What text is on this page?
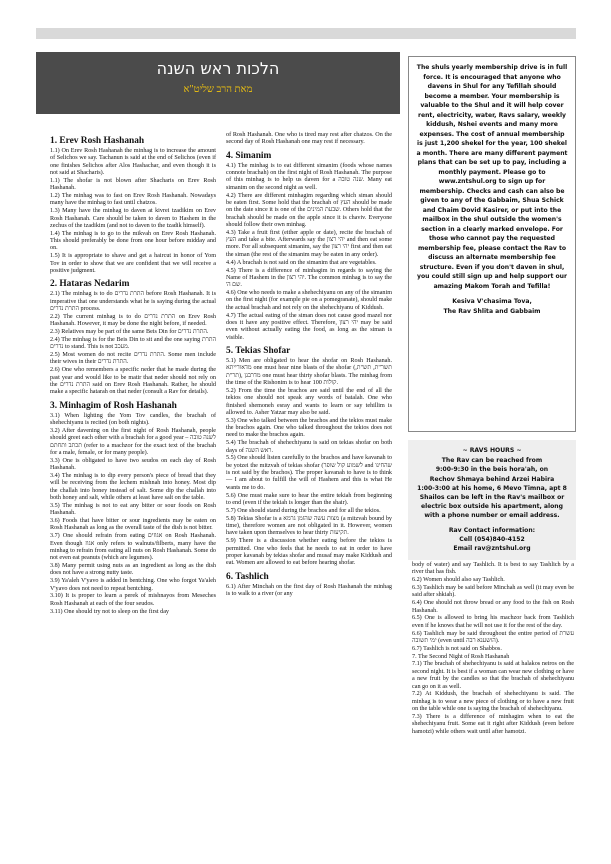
הלכות ראש השנה
מאת הרב שליט"א
1. Erev Rosh Hashanah

1.1) On Erev Rosh Hashanah the minhag is to increase the amount of Selichos we say. Tachanun is said at the end of Selichos (even if one finishes Selichos after Alos Hashachar, and even though it is not said at Shacharis).

1.1) The shofar is not blown after Shacharis on Erev Rosh Hashanah.

1.2) The minhag was to fast on Erev Rosh Hashanah. Nowadays many have the minhag to fast until chatzos.

1.3) Many have the minhag to daven at kivrei tzadikim on Erev Rosh Hashanah. Care should be taken to daven to Hashem in the zechus of the tzadikim (and not to daven to the tzadik himself).

1.4) The minhag is to go to the mikvah on Erev Rosh Hashanah. This should preferably be done from one hour before midday and on.

1.5) It is appropriate to shave and get a haircut in honor of Yom Tov in order to show that we are confident that we will receive a positive judgment.

2. Hataras Nedarim

2.1) The minhag is to do התרת נדרים before Rosh Hashanah. It is imperative that one understands what he is saying during the actual התרת נדרים process.

2.2) The current minhag is to do התרת נדרים on Erev Rosh Hashanah. However, it may be done the night before, if needed.

2.3) Relatives may be part of the same Beis Din for התרת נדרים.

2.4) The minhag is for the Beis Din to sit and the one saying התרת נדרים to stand. This is not מעכב.

2.5) Most women do not recite התרת נדרים. Some men include their wives in their התרת נדרים.

2.6) One who remembers a specific neder that he made during the past year and would like to be matir that neder should not rely on the התרת נדרים said on Erev Rosh Hashanah. Rather, he should make a specific hatarah on that neder (consult a Rav for details).

3. Minhagim of Rosh Hashanah

3.1) When lighting the Yom Tov candles, the brachah of shehechiyanu is recited (on both nights).

3.2) After davening on the first night of Rosh Hashanah, people should greet each other with a brachah for a good year – לשנה טובה תכתב ותחתם (refer to a machzor for the exact text of the brachah for a male, female, or for many people).

3.3) One is obligated to have two seudos on each day of Rosh Hashanah.

3.4) The minhag is to dip every person's piece of bread that they will be receiving from the lechem mishnah into honey. Most dip the challah into honey instead of salt. Some dip the challah into both honey and salt, while others at least have salt on the table.

3.5) The minhag is not to eat any bitter or sour foods on Rosh Hashanah.

3.6) Foods that have bitter or sour ingredients may be eaten on Rosh Hashanah as long as the overall taste of the dish is not bitter.

3.7) One should refrain from eating אגוזים on Rosh Hashanah. Even though אגוז only refers to walnuts/filberts, many have the minhag to refrain from eating all nuts on Rosh Hashanah. Some do not even eat peanuts (which are legumes).

3.8) Many permit using nuts as an ingredient as long as the dish does not have a strong nutty taste.

3.9) Ya'aleh V'yavo is added in bentching. One who forgot Ya'aleh V'yavo does not need to repeat bentching.

3.10) It is proper to learn a perek of mishnayos from Meseches Rosh Hashanah at each of the four seudos.

3.11) One should try not to sleep on the first day

of Rosh Hashanah. One who is tired may rest after chatzos. On the second day of Rosh Hashanah one may rest if necessary.

4. Simanim

4.1) The minhag is to eat different simanim (foods whose names connote brachah) on the first night of Rosh Hashanah. The purpose of this minhag is to help us daven for a שנה טובה. Many eat simanim on the second night as well.

4.2) There are different minhagim regarding which siman should be eaten first. Some hold that the brachah of העץ should be made on the date since it is one of the שבעת המינים. Others hold that the brachah should be made on the apple since it is chaviv. Everyone should follow their own minhag.

4.3) Take a fruit first (either apple or date), recite the brachah of העץ and take a bite. Afterwards say the יהי רצון and then eat some more. For all subsequent simanim, say the יהי רצון first and then eat the siman (the rest of the simanim may be eaten in any order).

4.4) A brachah is not said on the simanim that are vegetables.

4.5) There is a difference of minhagim in regards to saying the Name of Hashem in the יהי רצון. The common minhag is to say the 'שם ה.

4.6) One who needs to make a shehechiyanu on any of the simanim on the first night (for example pie on a pomegranate), should make the actual brachah and not rely on the shehechiyanu of Kiddush.

4.7) The actual eating of the siman does not cause good mazel nor does it have any positive effect. Therefore, יהי רצון may be said even without actually eating the food, as long as the siman is visible.

5. Tekias Shofar

5.1) Men are obligated to hear the shofar on Rosh Hashanah. מדאורייתא one must hear nine blasts of the shofar (תשר"ת, תש"ת, תר"ת), מדרבנן one must hear thirty shofar blasts. The minhag from the time of the Rishonim is to hear 100 קולות.

5.2) From the time the brachos are said until the end of all the tekios one should not speak any words of batalah. One who finished shemoneh esray and wants to learn or say tehillim is allowed to. Asher Yatzar may also be said.

5.3) One who talked between the brachos and the tekios must make the brachos again. One who talked throughout the tekios does not need to make the brachos again.

5.4) The brachah of shehechiyanu is said on tekias shofar on both days of ראש השנה.

5.5) One should listen carefully to the brachos and have kavanah to be yotzei the mitzvah of tekias shofar (לשמוע קול שופר and שהחינו is not said by the brachos). The proper kavanah to have is to think — I am about to fulfill the will of Hashem and this is what He wants me to do.

5.6) One must make sure to hear the entire tekiah from beginning to end (even if the tekiah is longer than the shair).

5.7) One should stand during the brachos and for all the tekios.

5.8) Tekias Shofar is a מצות עשה שהזמן גרמא (a mitzvah bound by time), therefore women are not obligated in it. However, women have taken upon themselves to hear thirty תקיעות.

5.9) There is a discussion whether eating before the tekios is permitted. One who feels that he needs to eat in order to have proper kavanah by tekias shofar and musaf may make Kiddush and eat. Women are allowed to eat before hearing shofar.

6. Tashlich

6.1) After Minchah on the first day of Rosh Hashanah the minhag is to walk to a river (or any

The shuls yearly membership drive is in full force. It is encouraged that anyone who davens in Shul for any Tefillah should become a member. Your membership is valuable to the Shul and it will help cover rent, electricity, water, Ravs salary, weekly kiddush, Nshei events and many more expenses. The cost of annual membership is just 1,200 shekel for the year, 100 shekel a month. There are many different payment plans that can be set up to pay, including a monthly payment. Please go to www.zntshul.org to sign up for membership. Checks and cash can also be given to any of the Gabbaim, Shua Schick and Chaim Dovid Kasirer, or put into the mailbox in the shul outside the women's section in a clearly marked envelope. For those who cannot pay the requested membership fee, please contact the Rav to discuss an alternate membership fee structure. Even if you don't daven in shul, you could still sign up and help support our amazing Makom Torah and Tefilla!
Kesiva V'chasima Tova,
The Rav Shlita and Gabbaim
~ RAVS HOURS ~
The Rav can be reached from
9:00-9:30 in the beis hora'ah, on
Rechov Shmaya behind Arzei Habira
1:00-3:00 at his home, 6 Mevo Timna, apt 8
Shailos can be left in the Rav's mailbox or electric box outside his apartment, along with a phone number or email address.
Rav Contact information:
Cell (054)840-4152
Email rav@zntshul.org

body of water) and say Tashlich. It is best to say Tashlich by a river that has fish.

6.2) Women should also say Tashlich.

6.3) Tashlich may be said before Minchah as well (it may even be said after shkiah).

6.4) One should not throw bread or any food to the fish on Rosh Hashanah.

6.5) One is allowed to bring his machzor back from Tashlich even if he knows that he will not use it for the rest of the day.

6.6) Tashlich may be said throughout the entire period of עשרת ימי תשובה (even until הושענא רבה).

6.7) Tashlich is not said on Shabbos.

7. The Second Night of Rosh Hashanah

7.1) The brachah of shehechiyanu is said at halakos neiros on the second night. It is best if a woman can wear new clothing or have a new fruit by the candles so that the brachah of shehechiyanu can go on it as well.

7.2) At Kiddush, the brachah of shehechiyanu is said. The minhag is to wear a new piece of clothing or to have a new fruit on the table while one is saying the brachah of shehechiyanu.

7.3) There is a difference of minhagim when to eat the shehechiyanu fruit. Some eat it right after Kiddush (even before hamotzi) while others wait until after hamotzi.
